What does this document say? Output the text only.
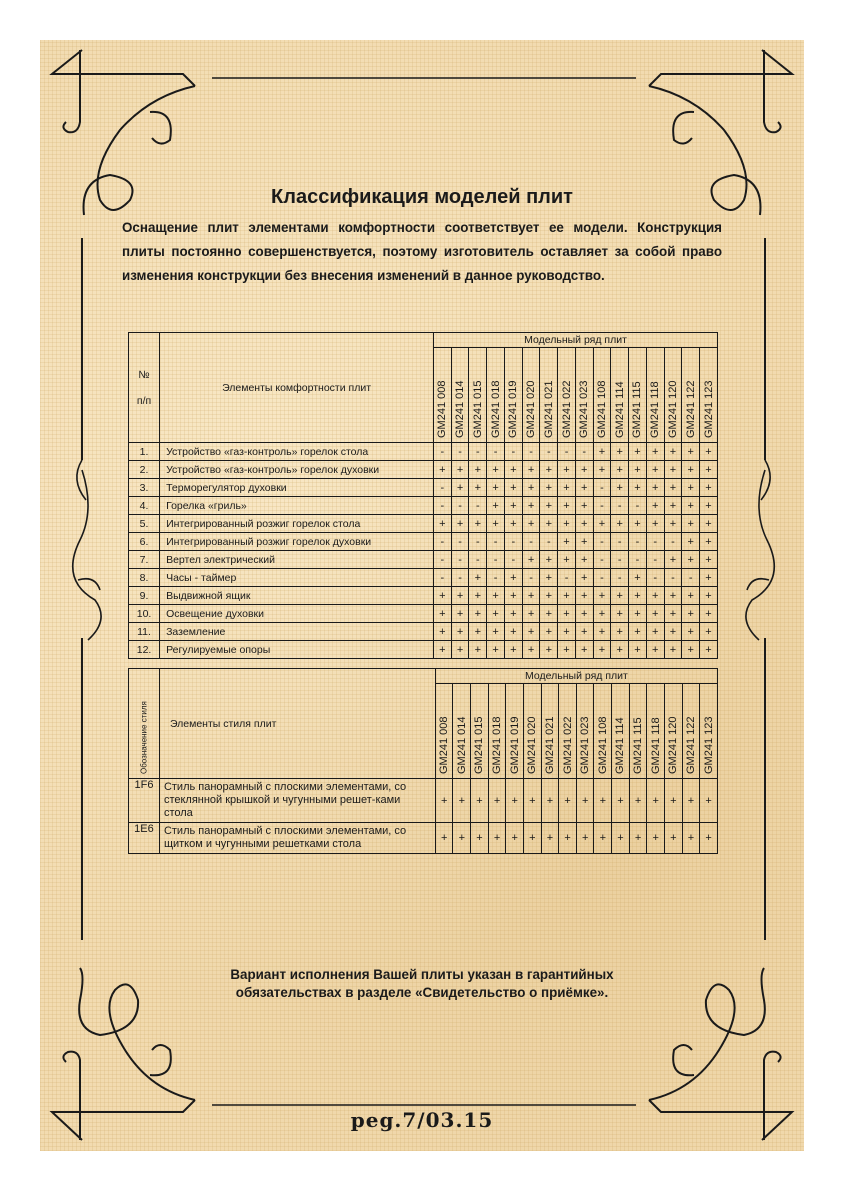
Классификация моделей плит
Оснащение плит элементами комфортности соответствует ее модели. Конструкция плиты постоянно совершенствуется, поэтому изготовитель оставляет за собой право изменения конструкции без внесения изменений в данное руководство.
№
п/п	Элементы комфортности плит	Модельный ряд плит															

		GM241 008	GM241 014	GM241 015	GM241 018	GM241 019	GM241 020	GM241 021	GM241 022	GM241 023	GM241 108	GM241 114	GM241 115	GM241 118	GM241 120	GM241 122	GM241 123

1.	Устройство «газ-контроль» горелок стола	-	-	-	-	-	-	-	-	-	+	+	+	+	+	+	+
2.	Устройство «газ-контроль» горелок духовки	+	+	+	+	+	+	+	+	+	+	+	+	+	+	+	+
3.	Терморегулятор духовки	-	+	+	+	+	+	+	+	+	-	+	+	+	+	+	+
4.	Горелка «гриль»	-	-	-	+	+	+	+	+	+	-	-	-	+	+	+	+
5.	Интегрированный розжиг горелок стола	+	+	+	+	+	+	+	+	+	+	+	+	+	+	+	+
6.	Интегрированный розжиг горелок духовки	-	-	-	-	-	-	-	+	+	-	-	-	-	-	+	+
7.	Вертел электрический	-	-	-	-	-	+	+	+	+	-	-	-	-	+	+	+
8.	Часы - таймер	-	-	+	-	+	-	+	-	+	-	-	+	-	-	-	+
9.	Выдвижной ящик	+	+	+	+	+	+	+	+	+	+	+	+	+	+	+	+
10.	Освещение духовки	+	+	+	+	+	+	+	+	+	+	+	+	+	+	+	+
11.	Заземление	+	+	+	+	+	+	+	+	+	+	+	+	+	+	+	+
12.	Регулируемые опоры	+	+	+	+	+	+	+	+	+	+	+	+	+	+	+	+
Обозначение стиля	Элементы стиля плит	Модельный ряд плит															

		GM241 008	GM241 014	GM241 015	GM241 018	GM241 019	GM241 020	GM241 021	GM241 022	GM241 023	GM241 108	GM241 114	GM241 115	GM241 118	GM241 120	GM241 122	GM241 123

1F6	Стиль панорамный с плоскими элементами, со стеклянной крышкой и чугунными решет-ками стола	+	+	+	+	+	+	+	+	+	+	+	+	+	+	+	+
1E6	Стиль панорамный с плоскими элементами, со щитком и чугунными решетками стола	+	+	+	+	+	+	+	+	+	+	+	+	+	+	+	+
Вариант исполнения Вашей плиты указан в гарантийных
обязательствах в разделе «Свидетельство о приёмке».
рeg.7/03.15
